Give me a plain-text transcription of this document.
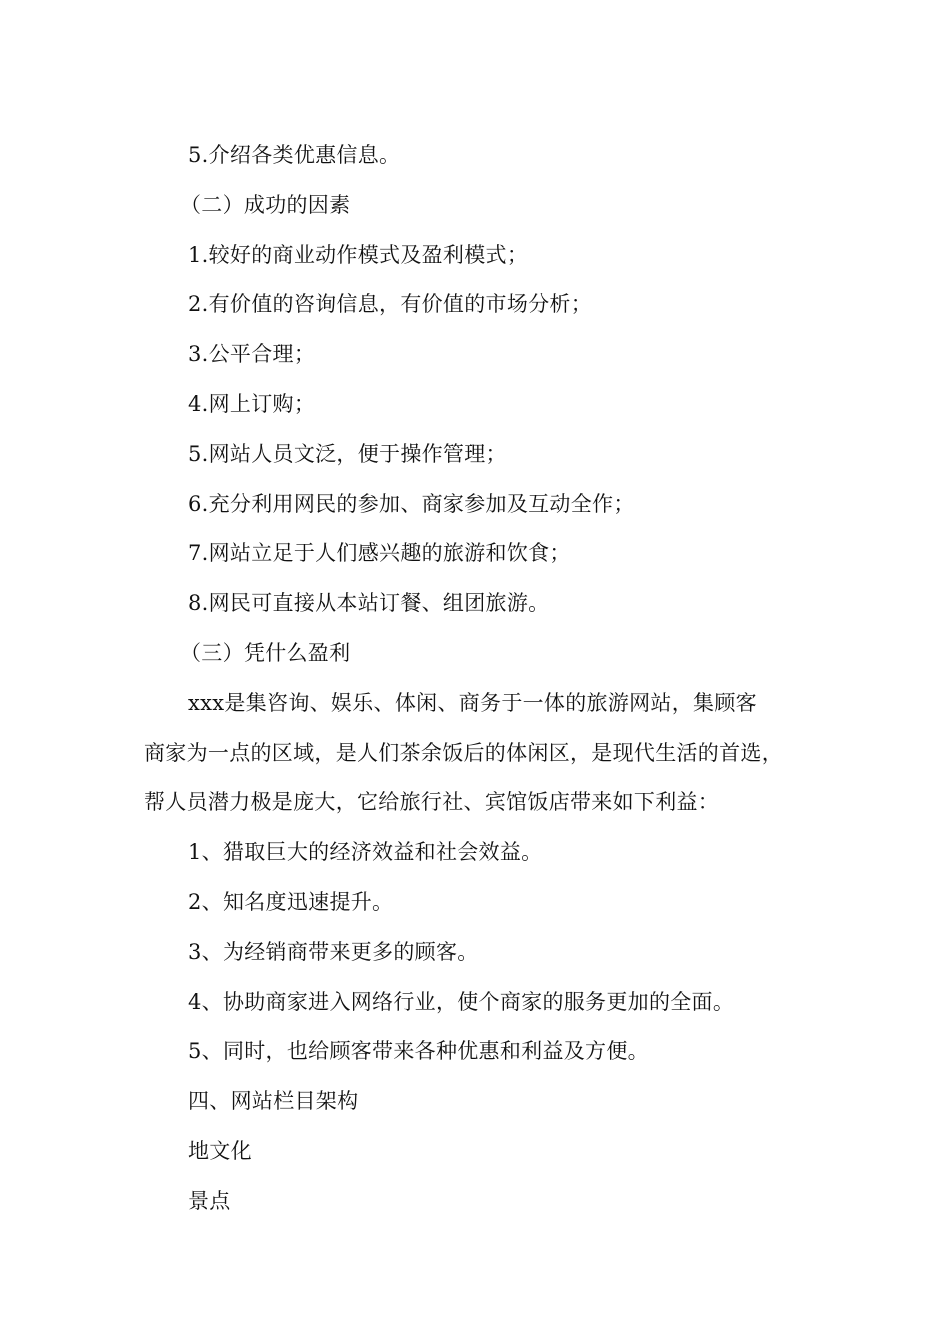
5.介绍各类优惠信息。
（二）成功的因素
1.较好的商业动作模式及盈利模式；
2.有价值的咨询信息，有价值的市场分析；
3.公平合理；
4.网上订购；
5.网站人员文泛，便于操作管理；
6.充分利用网民的参加、商家参加及互动全作；
7.网站立足于人们感兴趣的旅游和饮食；
8.网民可直接从本站订餐、组团旅游。
（三）凭什么盈利
xxx是集咨询、娱乐、体闲、商务于一体的旅游网站，集顾客
商家为一点的区域，是人们茶余饭后的体闲区，是现代生活的首选，
帮人员潜力极是庞大，它给旅行社、宾馆饭店带来如下利益：
1、猎取巨大的经济效益和社会效益。
2、知名度迅速提升。
3、为经销商带来更多的顾客。
4、协助商家进入网络行业，使个商家的服务更加的全面。
5、同时，也给顾客带来各种优惠和利益及方便。
四、网站栏目架构
地文化
景点
